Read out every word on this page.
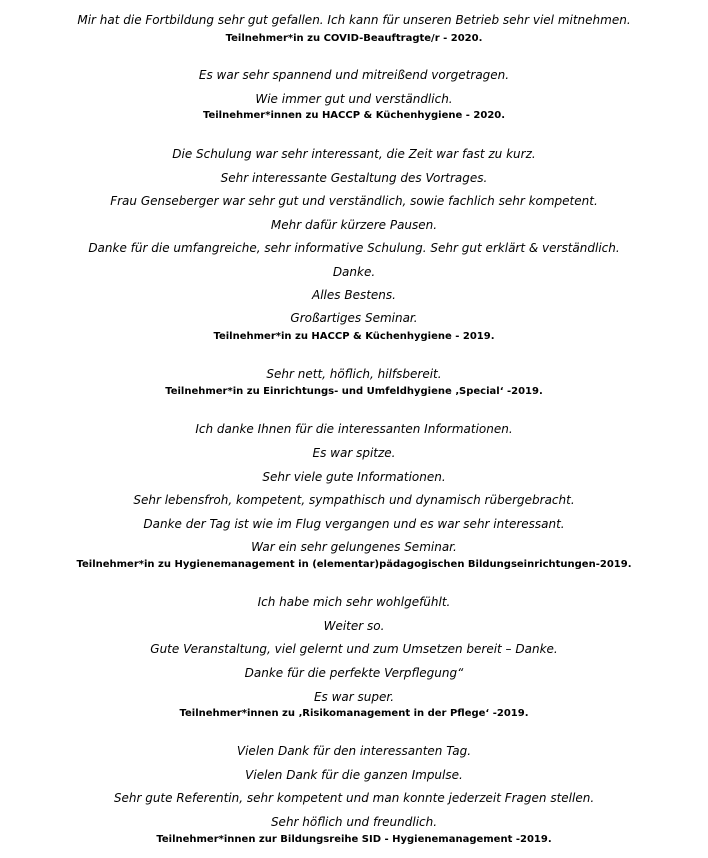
Mir hat die Fortbildung sehr gut gefallen. Ich kann für unseren Betrieb sehr viel mitnehmen.
Teilnehmer*in zu COVID-Beauftragte/r - 2020.
Es war sehr spannend und mitreißend vorgetragen.
Wie immer gut und verständlich.
Teilnehmer*innen zu HACCP & Küchenhygiene - 2020.
Die Schulung war sehr interessant, die Zeit war fast zu kurz.
Sehr interessante Gestaltung des Vortrages.
Frau Genseberger war sehr gut und verständlich, sowie fachlich sehr kompetent.
Mehr dafür kürzere Pausen.
Danke für die umfangreiche, sehr informative Schulung. Sehr gut erklärt & verständlich.
Danke.
Alles Bestens.
Großartiges Seminar.
Teilnehmer*in zu HACCP & Küchenhygiene - 2019.
Sehr nett, höflich, hilfsbereit.
Teilnehmer*in zu Einrichtungs- und Umfeldhygiene ‚Special‘ -2019.
Ich danke Ihnen für die interessanten Informationen.
Es war spitze.
Sehr viele gute Informationen.
Sehr lebensfroh, kompetent, sympathisch und dynamisch rübergebracht.
Danke der Tag ist wie im Flug vergangen und es war sehr interessant.
War ein sehr gelungenes Seminar.
Teilnehmer*in zu Hygienemanagement in (elementar)pädagogischen Bildungseinrichtungen-2019.
Ich habe mich sehr wohlgefühlt.
Weiter so.
Gute Veranstaltung, viel gelernt und zum Umsetzen bereit – Danke.
Danke für die perfekte Verpflegung“
Es war super.
Teilnehmer*innen zu ‚Risikomanagement in der Pflege‘ -2019.
Vielen Dank für den interessanten Tag.
Vielen Dank für die ganzen Impulse.
Sehr gute Referentin, sehr kompetent und man konnte jederzeit Fragen stellen.
Sehr höflich und freundlich.
Teilnehmer*innen zur Bildungsreihe SID - Hygienemanagement -2019.
